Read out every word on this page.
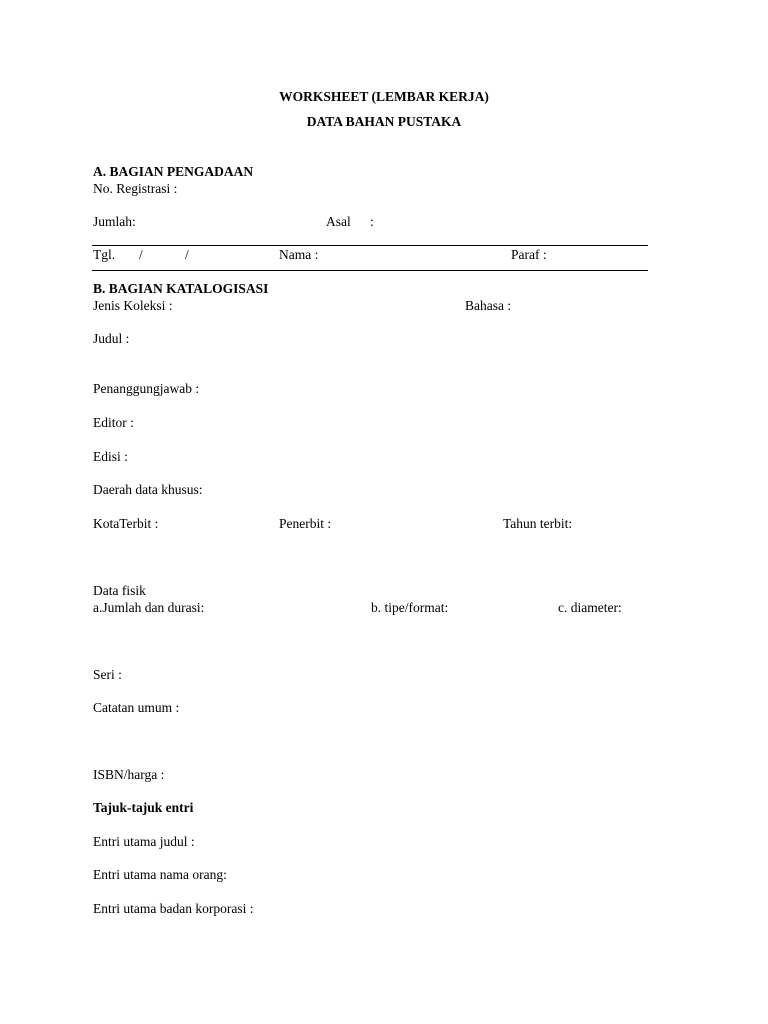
WORKSHEET (LEMBAR KERJA)
DATA BAHAN PUSTAKA
A. BAGIAN PENGADAAN
No. Registrasi :
Jumlah:	Asal :
Tgl. /	/	Nama :	Paraf :
B. BAGIAN KATALOGISASI
Jenis Koleksi :	Bahasa :
Judul :
Penanggungjawab :
Editor :
Edisi :
Daerah data khusus:
KotaTerbit :	Penerbit :	Tahun terbit:
Data fisik
a.Jumlah dan durasi:	b. tipe/format:	c. diameter:
Seri :
Catatan umum :
ISBN/harga :
Tajuk-tajuk entri
Entri utama judul :
Entri utama nama orang:
Entri utama badan korporasi :
